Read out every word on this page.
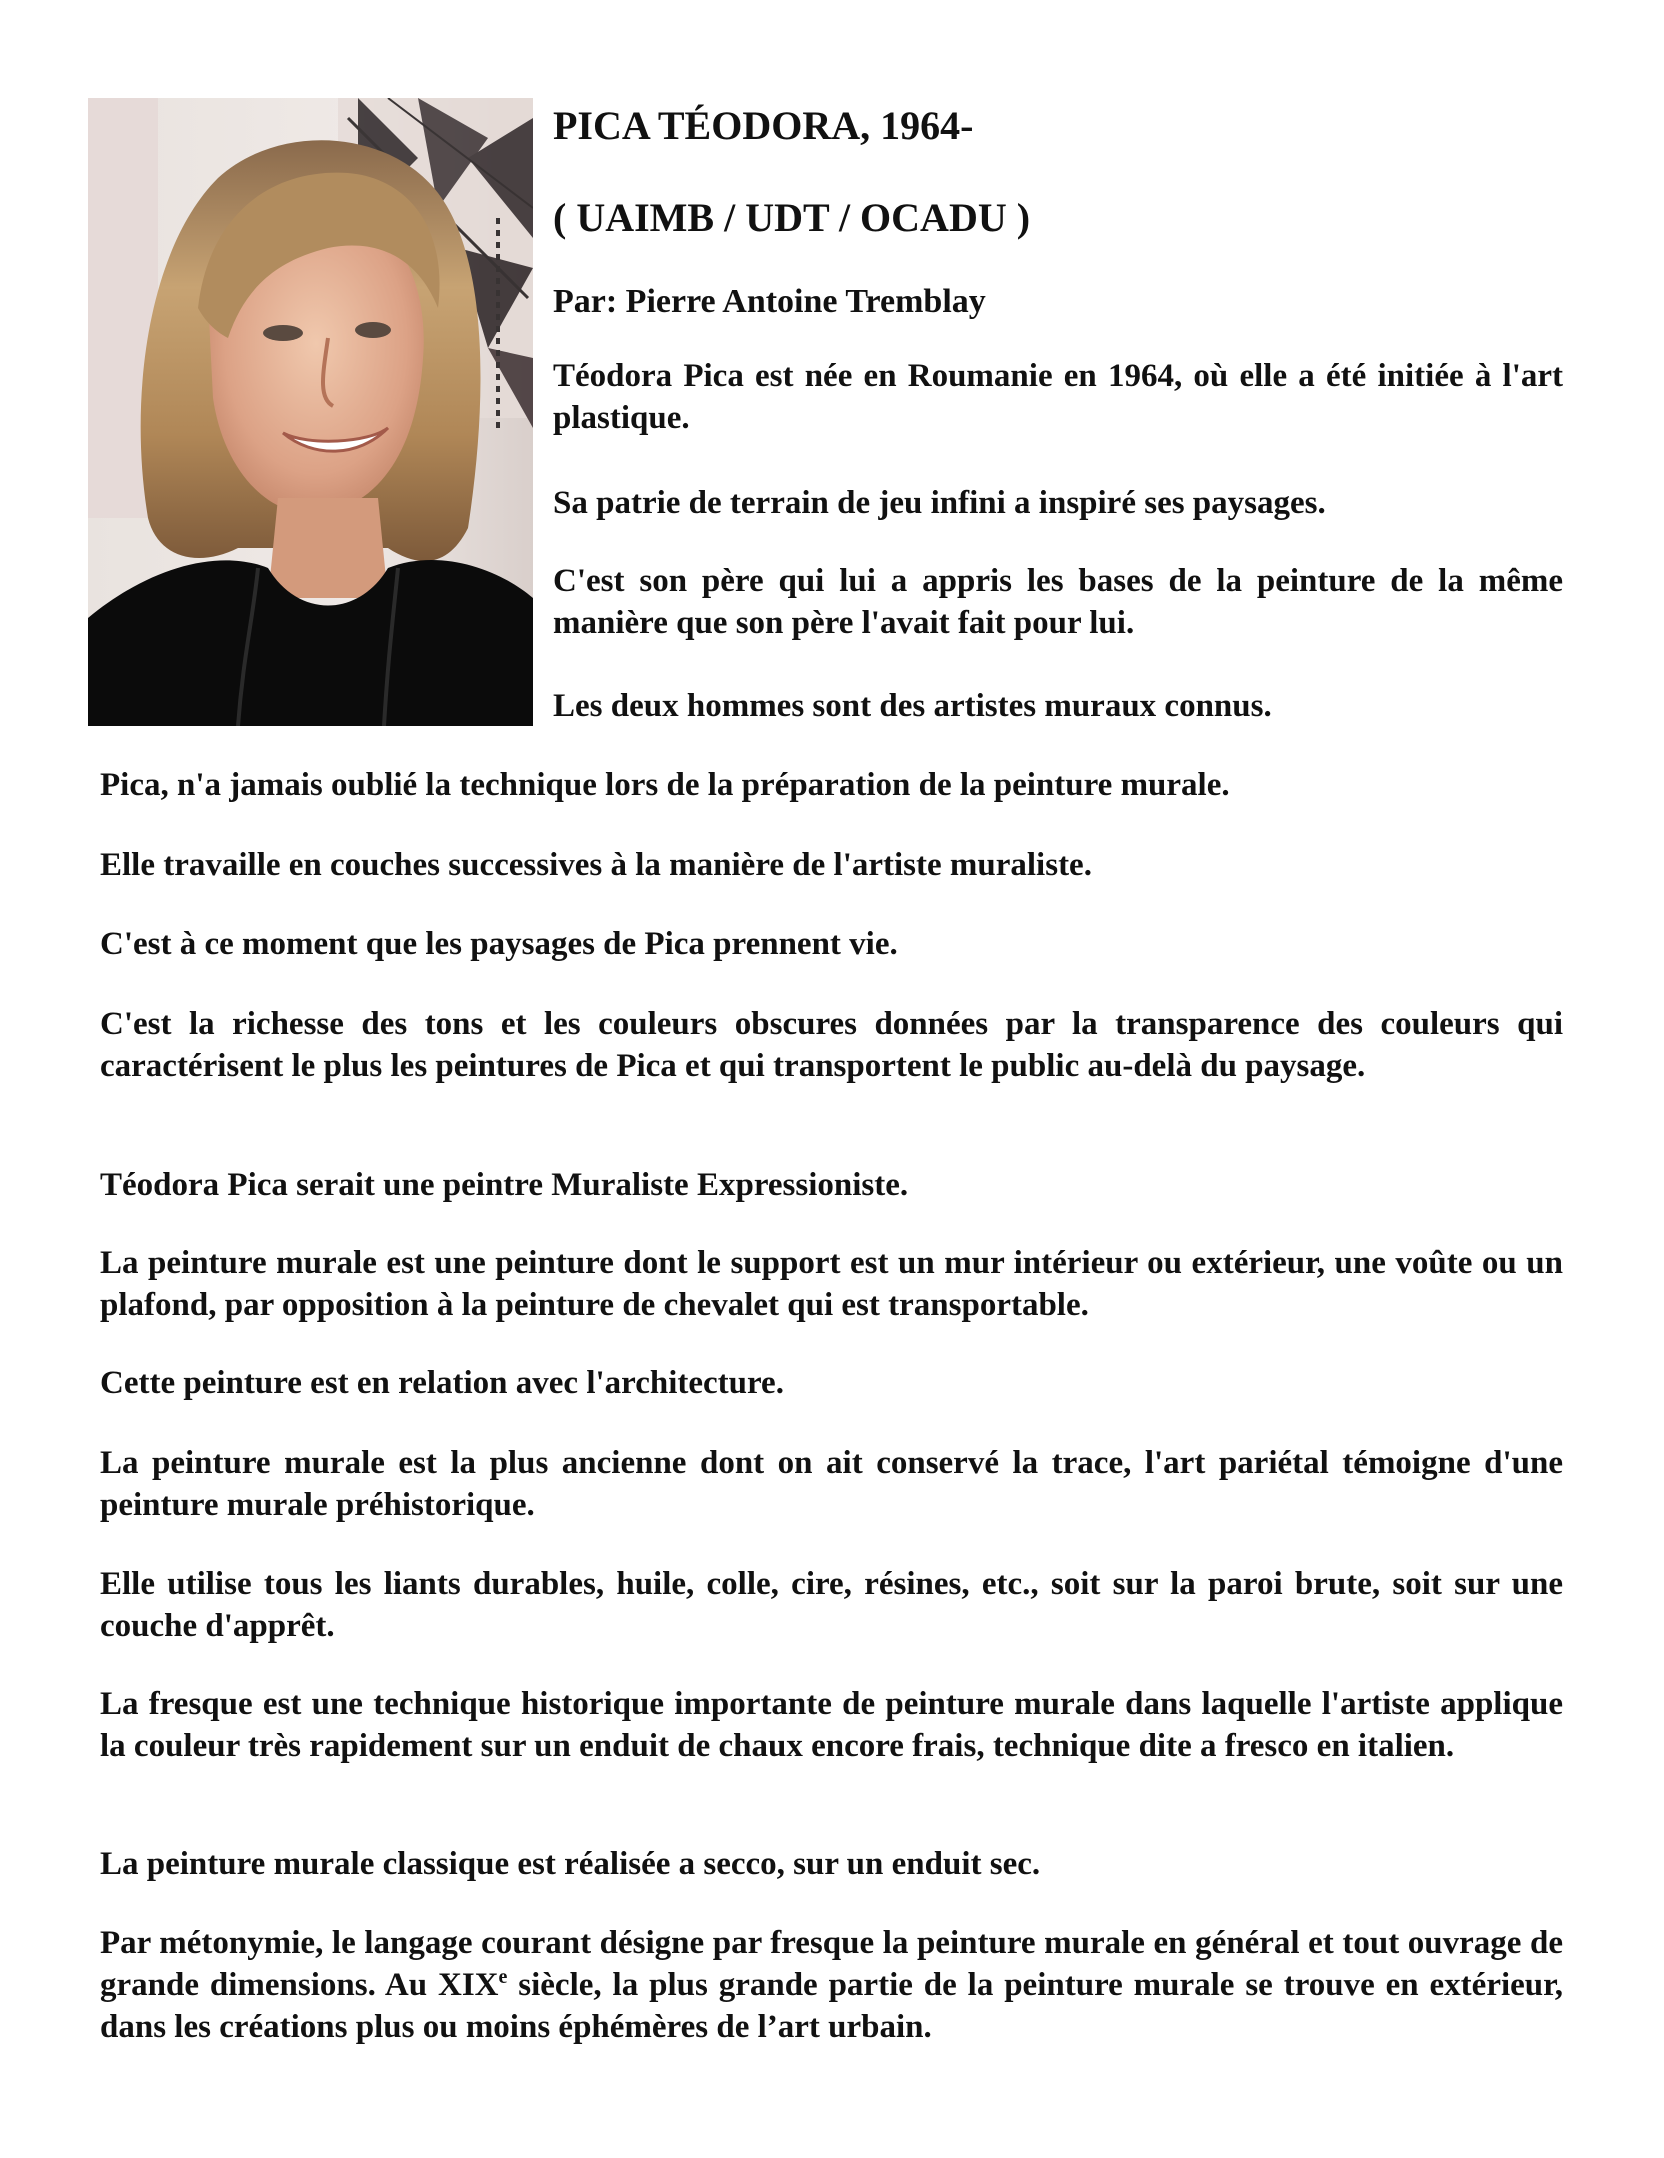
PICA TÉODORA, 1964-
( UAIMB / UDT / OCADU )
Par: Pierre Antoine Tremblay

Téodora Pica est née en Roumanie en 1964, où elle a été initiée à l'art plastique.

Sa patrie de terrain de jeu infini a inspiré ses paysages.

C'est son père qui lui a appris les bases de la peinture de la même manière que son père l'avait fait pour lui.

Les deux hommes sont des artistes muraux connus.

Pica, n'a jamais oublié la technique lors de la préparation de la peinture murale.

Elle travaille en couches successives à la manière de l'artiste muraliste.

C'est à ce moment que les paysages de Pica prennent vie.

C'est la richesse des tons et les couleurs obscures données par la transparence des couleurs qui caractérisent le plus les peintures de Pica et qui transportent le public au-delà du paysage.

Téodora Pica serait une peintre Muraliste Expressioniste.

La peinture murale est une peinture dont le support est un mur intérieur ou extérieur, une voûte ou un plafond, par opposition à la peinture de chevalet qui est transportable.

Cette peinture est en relation avec l'architecture.

La peinture murale est la plus ancienne dont on ait conservé la trace, l'art pariétal témoigne d'une peinture murale préhistorique.

Elle utilise tous les liants durables, huile, colle, cire, résines, etc., soit sur la paroi brute, soit sur une couche d'apprêt.

La fresque est une technique historique importante de peinture murale dans laquelle l'artiste applique la couleur très rapidement sur un enduit de chaux encore frais, technique dite a fresco en italien.

La peinture murale classique est réalisée a secco, sur un enduit sec.

Par métonymie, le langage courant désigne par fresque la peinture murale en général et tout ouvrage de grande dimensions. Au XIXe siècle, la plus grande partie de la peinture murale se trouve en extérieur, dans les créations plus ou moins éphémères de l’art urbain.
